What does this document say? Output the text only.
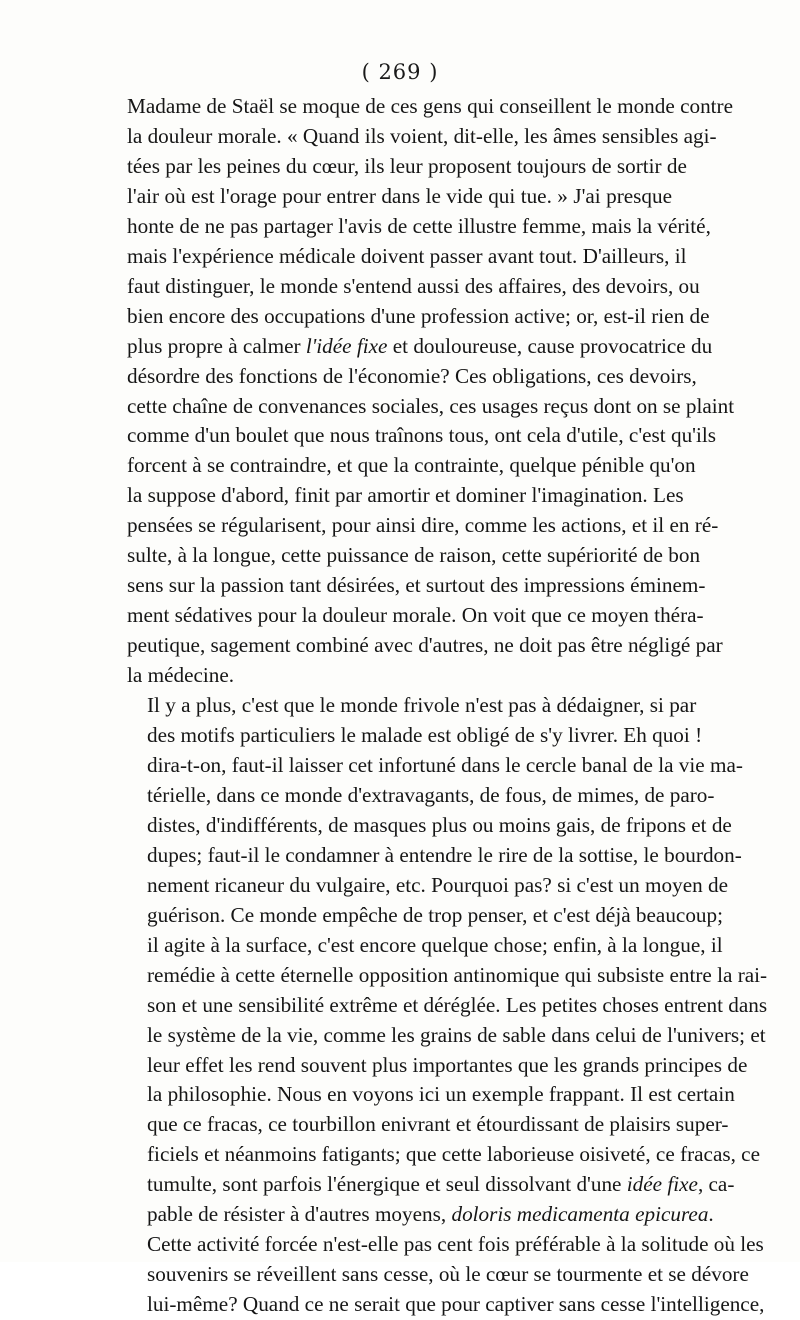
( 269 )
Madame de Staël se moque de ces gens qui conseillent le monde contre
la douleur morale. « Quand ils voient, dit-elle, les âmes sensibles agi-
tées par les peines du cœur, ils leur proposent toujours de sortir de
l'air où est l'orage pour entrer dans le vide qui tue. » J'ai presque
honte de ne pas partager l'avis de cette illustre femme, mais la vérité,
mais l'expérience médicale doivent passer avant tout. D'ailleurs, il
faut distinguer, le monde s'entend aussi des affaires, des devoirs, ou
bien encore des occupations d'une profession active; or, est-il rien de
plus propre à calmer l'idée fixe et douloureuse, cause provocatrice du
désordre des fonctions de l'économie? Ces obligations, ces devoirs,
cette chaîne de convenances sociales, ces usages reçus dont on se plaint
comme d'un boulet que nous traînons tous, ont cela d'utile, c'est qu'ils
forcent à se contraindre, et que la contrainte, quelque pénible qu'on
la suppose d'abord, finit par amortir et dominer l'imagination. Les
pensées se régularisent, pour ainsi dire, comme les actions, et il en ré-
sulte, à la longue, cette puissance de raison, cette supériorité de bon
sens sur la passion tant désirées, et surtout des impressions éminem-
ment sédatives pour la douleur morale. On voit que ce moyen théra-
peutique, sagement combiné avec d'autres, ne doit pas être négligé par
la médecine.
Il y a plus, c'est que le monde frivole n'est pas à dédaigner, si par
des motifs particuliers le malade est obligé de s'y livrer. Eh quoi !
dira-t-on, faut-il laisser cet infortuné dans le cercle banal de la vie ma-
térielle, dans ce monde d'extravagants, de fous, de mimes, de paro-
distes, d'indifférents, de masques plus ou moins gais, de fripons et de
dupes; faut-il le condamner à entendre le rire de la sottise, le bourdon-
nement ricaneur du vulgaire, etc. Pourquoi pas? si c'est un moyen de
guérison. Ce monde empêche de trop penser, et c'est déjà beaucoup;
il agite à la surface, c'est encore quelque chose; enfin, à la longue, il
remédie à cette éternelle opposition antinomique qui subsiste entre la rai-
son et une sensibilité extrême et déréglée. Les petites choses entrent dans
le système de la vie, comme les grains de sable dans celui de l'univers; et
leur effet les rend souvent plus importantes que les grands principes de
la philosophie. Nous en voyons ici un exemple frappant. Il est certain
que ce fracas, ce tourbillon enivrant et étourdissant de plaisirs super-
ficiels et néanmoins fatigants; que cette laborieuse oisiveté, ce fracas, ce
tumulte, sont parfois l'énergique et seul dissolvant d'une idée fixe, ca-
pable de résister à d'autres moyens, doloris medicamenta epicurea.
Cette activité forcée n'est-elle pas cent fois préférable à la solitude où les
souvenirs se réveillent sans cesse, où le cœur se tourmente et se dévore
lui-même? Quand ce ne serait que pour captiver sans cesse l'intelligence,
